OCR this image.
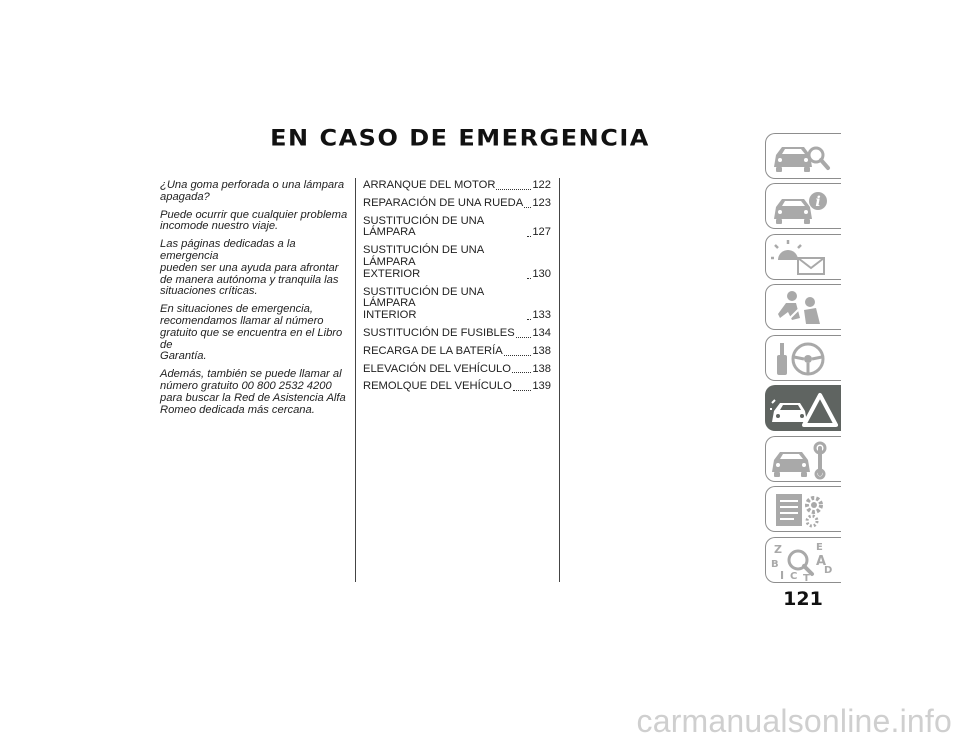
EN CASO DE EMERGENCIA

¿Una goma perforada o una lámpara
apagada?

Puede ocurrir que cualquier problema
incomode nuestro viaje.

Las páginas dedicadas a la emergencia
pueden ser una ayuda para afrontar
de manera autónoma y tranquila las
situaciones críticas.

En situaciones de emergencia,
recomendamos llamar al número
gratuito que se encuentra en el Libro de
Garantía.

Además, también se puede llamar al
número gratuito 00 800 2532 4200
para buscar la Red de Asistencia Alfa
Romeo dedicada más cercana.

ARRANQUE DEL MOTOR	122
REPARACIÓN DE UNA RUEDA 123
SUSTITUCIÓN DE UNA LÁMPARA	127
SUSTITUCIÓN DE UNA LÁMPARA
EXTERIOR	130
SUSTITUCIÓN DE UNA LÁMPARA
INTERIOR	133
SUSTITUCIÓN DE FUSIBLES 134
RECARGA DE LA BATERÍA	138
ELEVACIÓN DEL VEHÍCULO 138
REMOLQUE DEL VEHÍCULO 139
i
Z	E
B	A
I C T
D
121
carmanualsonline.info
